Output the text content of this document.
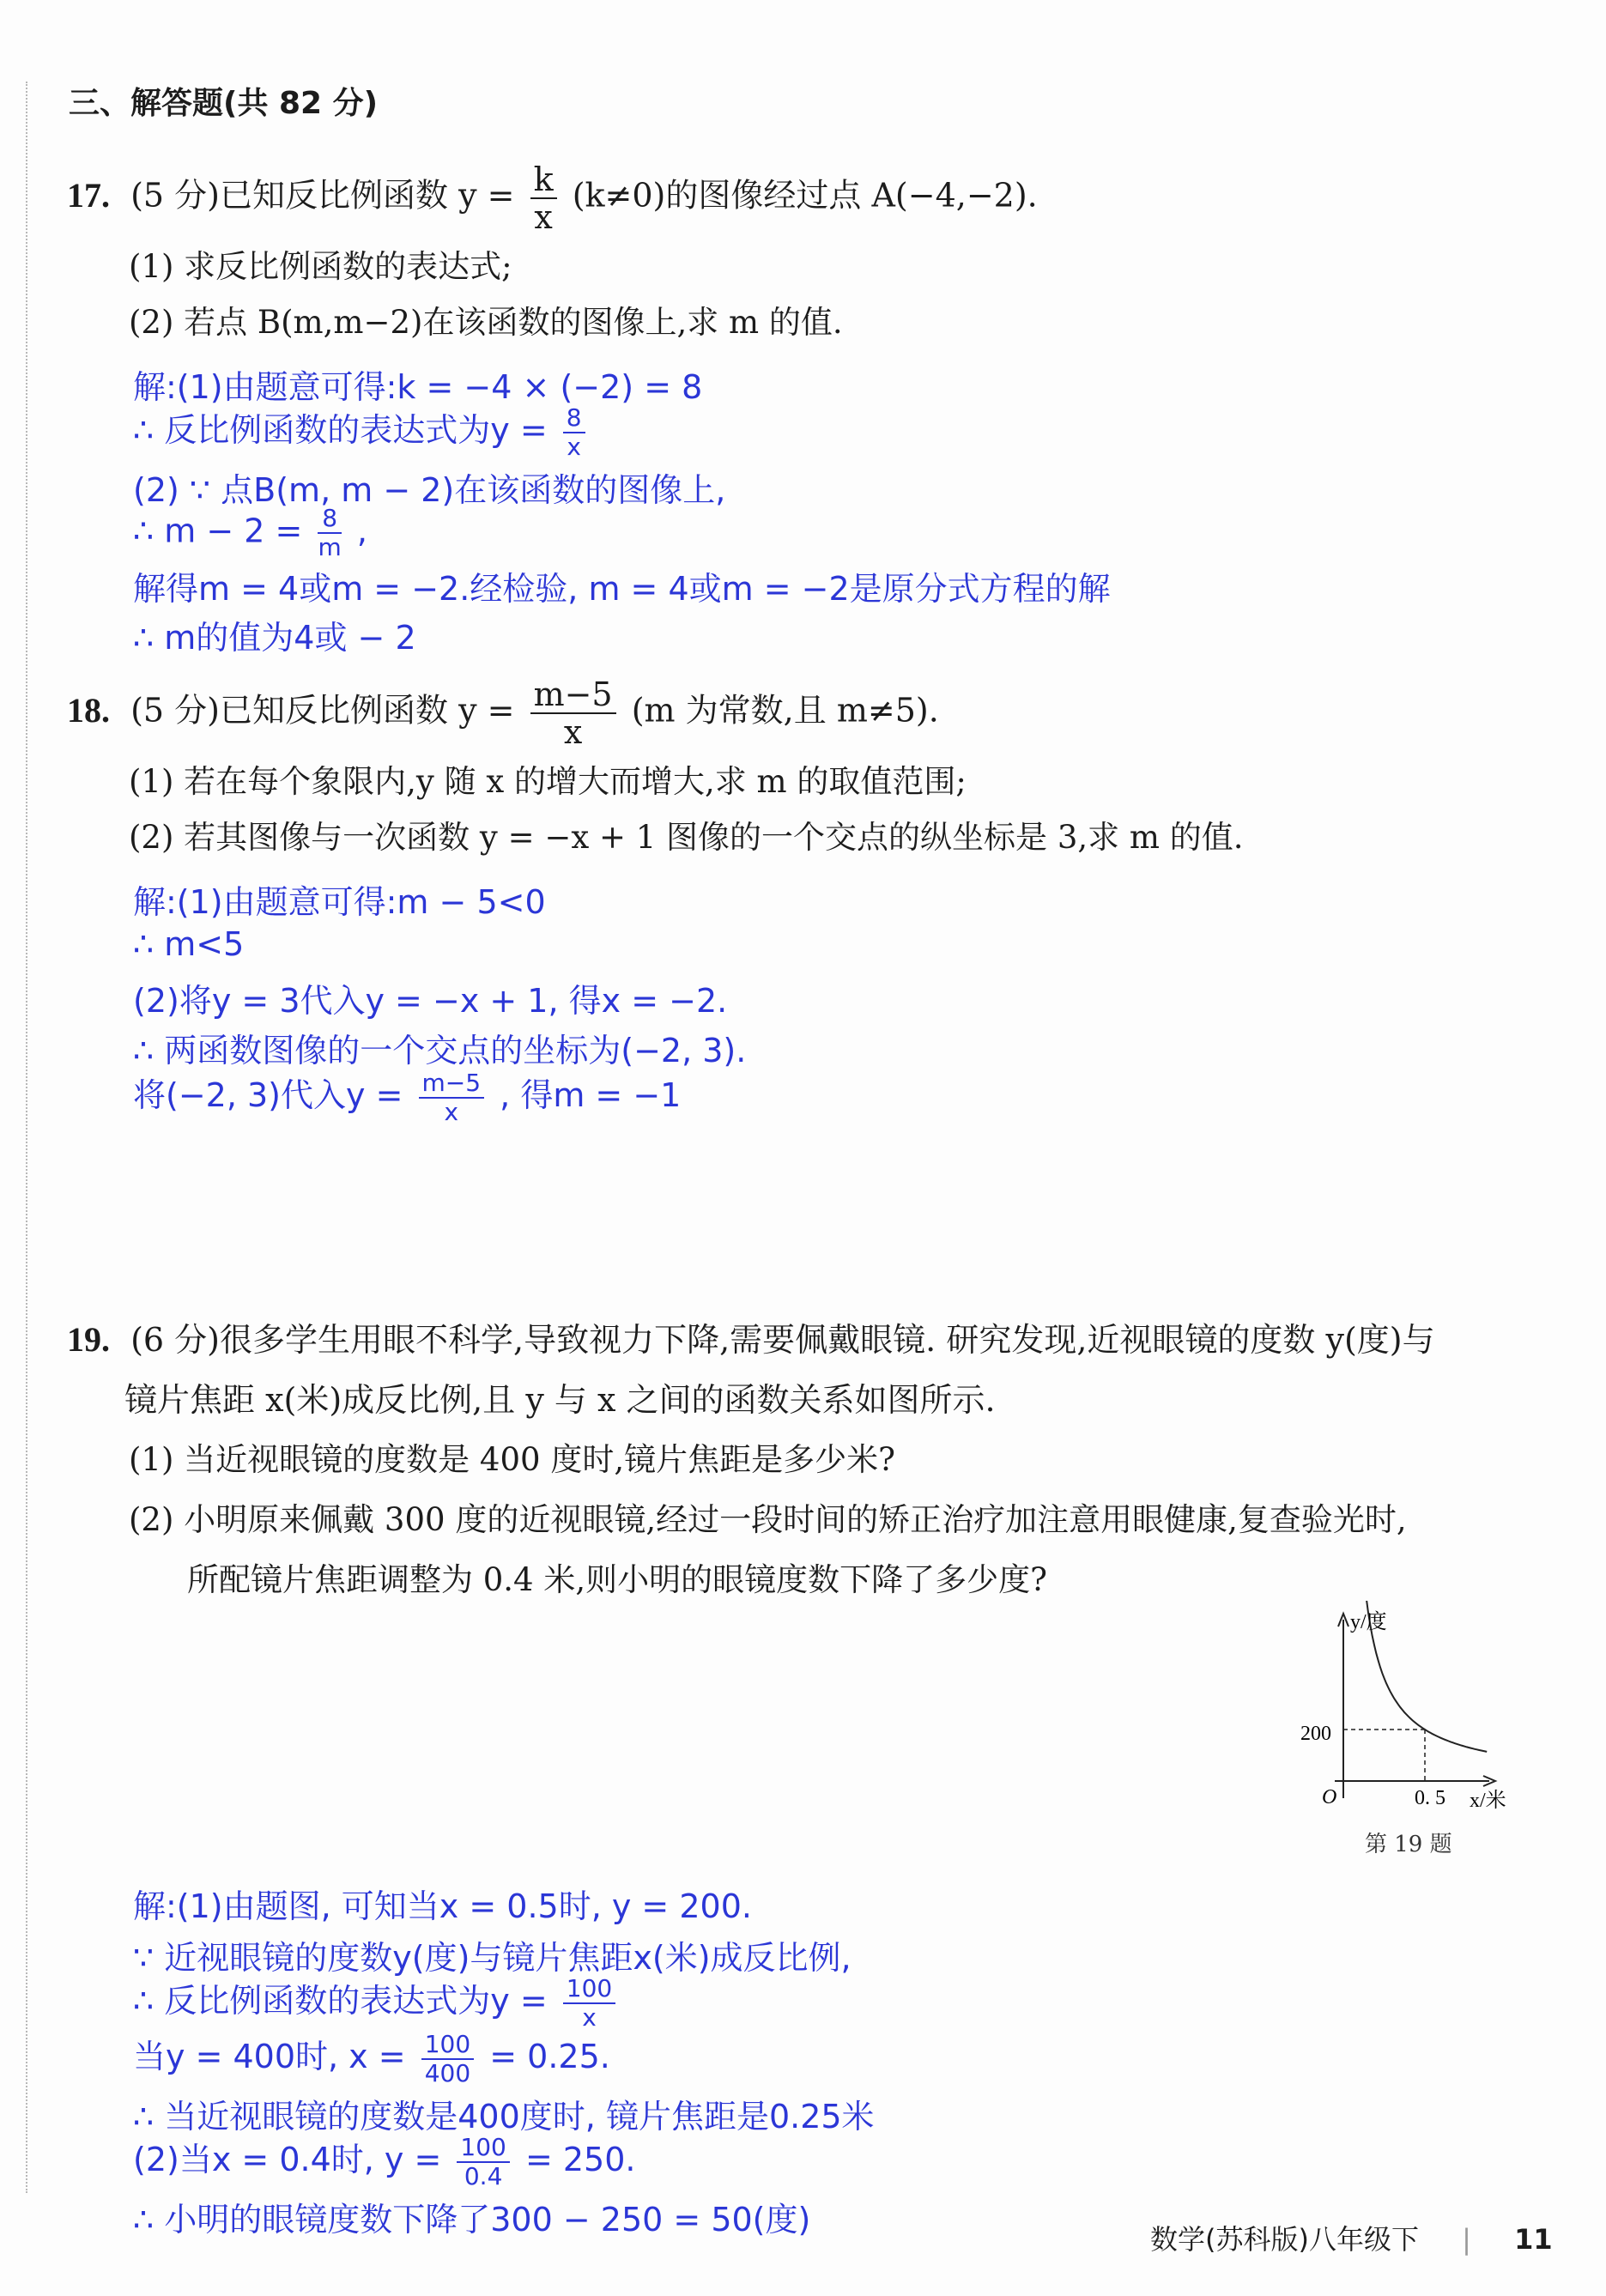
三、解答题(共 82 分)
17. (5 分)已知反比例函数 $y = \frac{k}{x} (k\ne 0)$的图像经过点 A(−4,−2).
(1) 求反比例函数的表达式;
(2) 若点 B(m,m−2)在该函数的图像上,求 m 的值.
解:(1)由题意可得:k = −4 × (−2) = 8
∴ 反比例函数的表达式为$y = \frac{8}{x}$
(2) ∵ 点B(m, m − 2)在该函数的图像上,
∴ $m - 2 = \frac{8}{m}$ ,
解得m = 4或m = −2.经检验, m = 4或m = −2是原分式方程的解
∴ m的值为4或 − 2
18. (5 分)已知反比例函数 $y = \frac{m-5}{x} (m$ 为常数,且 m≠5).
(1) 若在每个象限内,y 随 x 的增大而增大,求 m 的取值范围;
(2) 若其图像与一次函数 y = −x + 1 图像的一个交点的纵坐标是 3,求 m 的值.
解:(1)由题意可得:m − 5<0
∴ m<5
(2)将y = 3代入y = −x + 1, 得x = −2.
∴ 两函数图像的一个交点的坐标为(−2, 3).
将(−2, 3)代入$y = \frac{m-5}{x}$ , 得m = −1
19. (6 分)很多学生用眼不科学,导致视力下降,需要佩戴眼镜. 研究发现,近视眼镜的度数 y(度)与
镜片焦距 x(米)成反比例,且 y 与 x 之间的函数关系如图所示.
(1) 当近视眼镜的度数是 400 度时,镜片焦距是多少米?
(2) 小明原来佩戴 300 度的近视眼镜,经过一段时间的矫正治疗加注意用眼健康,复查验光时,
所配镜片焦距调整为 0.4 米,则小明的眼镜度数下降了多少度?
y/度
x/米
O
200
0. 5
第 19 题
解:(1)由题图, 可知当x = 0.5时, y = 200.
∵ 近视眼镜的度数y(度)与镜片焦距x(米)成反比例,
∴ 反比例函数的表达式为$y = \frac{100}{x}$
当y = 400时, $x = \frac{100}{400} = 0.25$.
∴ 当近视眼镜的度数是400度时, 镜片焦距是0.25米
(2)当x = 0.4时, $y = \frac{100}{0.4} = 250$.
∴ 小明的眼镜度数下降了300 − 250 = 50(度)
数学(苏科版)八年级下 | 11
